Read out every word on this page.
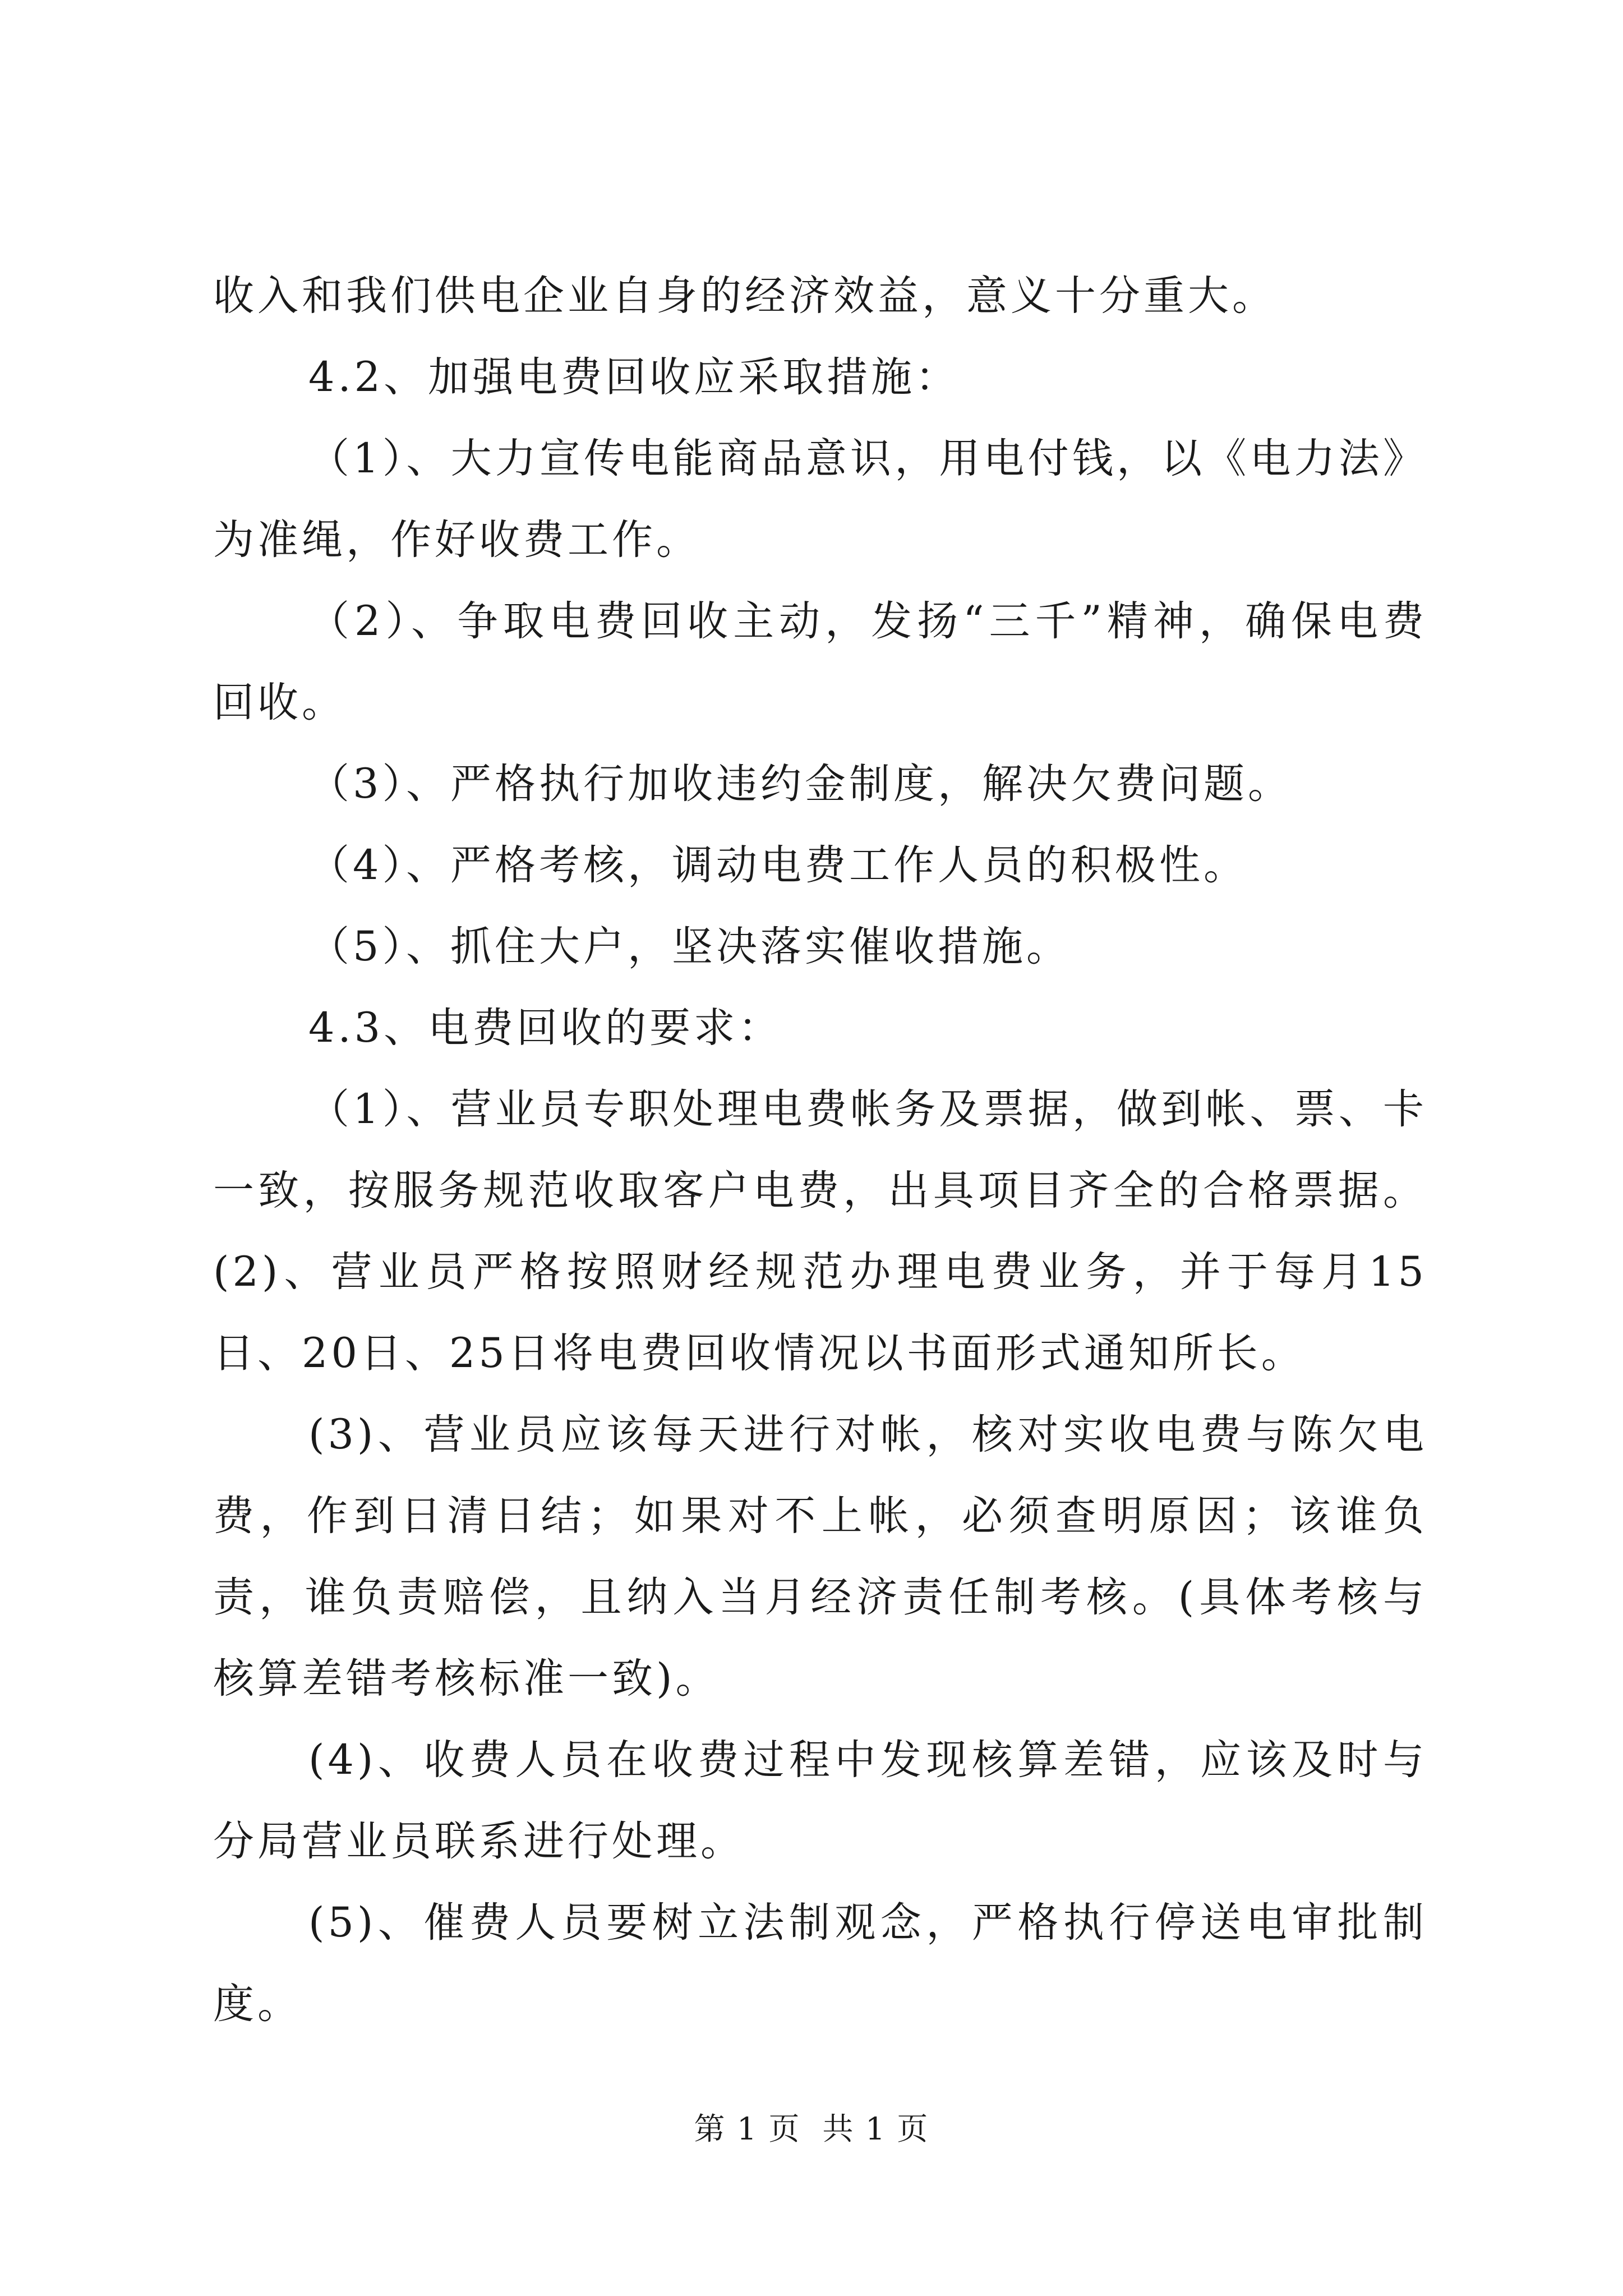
收入和我们供电企业自身的经济效益，意义十分重大。

4.2、加强电费回收应采取措施：

（1）、大力宣传电能商品意识，用电付钱，以《电力法》为准绳，作好收费工作。

（2）、争取电费回收主动，发扬“三千”精神，确保电费回收。

（3）、严格执行加收违约金制度，解决欠费问题。

（4）、严格考核，调动电费工作人员的积极性。

（5）、抓住大户，坚决落实催收措施。

4.3、电费回收的要求：

（1）、营业员专职处理电费帐务及票据，做到帐、票、卡一致，按服务规范收取客户电费，出具项目齐全的合格票据。(2)、营业员严格按照财经规范办理电费业务，并于每月15日、20日、25日将电费回收情况以书面形式通知所长。

(3)、营业员应该每天进行对帐，核对实收电费与陈欠电费，作到日清日结；如果对不上帐，必须查明原因；该谁负责，谁负责赔偿，且纳入当月经济责任制考核。(具体考核与核算差错考核标准一致)。

(4)、收费人员在收费过程中发现核算差错，应该及时与分局营业员联系进行处理。

(5)、催费人员要树立法制观念，严格执行停送电审批制度。

第 1 页  共 1 页
